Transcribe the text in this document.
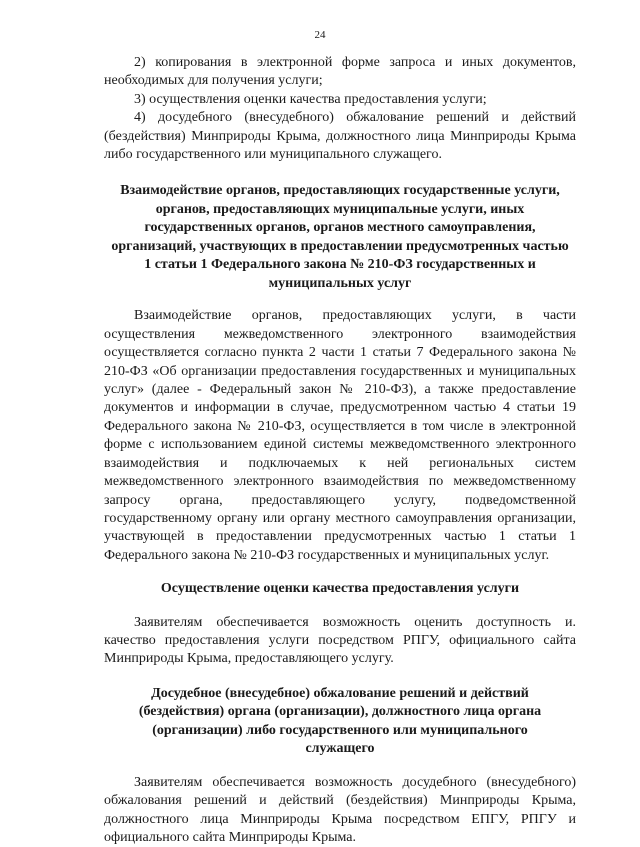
24

2) копирования в электронной форме запроса и иных документов, необходимых для получения услуги;

3) осуществления оценки качества предоставления услуги;

4) досудебного (внесудебного) обжалование решений и действий (бездействия) Минприроды Крыма, должностного лица Минприроды Крыма либо государственного или муниципального служащего.

Взаимодействие органов, предоставляющих государственные услуги, органов, предоставляющих муниципальные услуги, иных государственных органов, органов местного самоуправления, организаций, участвующих в предоставлении предусмотренных частью 1 статьи 1 Федерального закона № 210-ФЗ государственных и муниципальных услуг

Взаимодействие органов, предоставляющих услуги, в части осуществления межведомственного электронного взаимодействия осуществляется согласно пункта 2 части 1 статьи 7 Федерального закона № 210-ФЗ «Об организации предоставления государственных и муниципальных услуг» (далее - Федеральный закон № 210-ФЗ), а также предоставление документов и информации в случае, предусмотренном частью 4 статьи 19 Федерального закона № 210-ФЗ, осуществляется в том числе в электронной форме с использованием единой системы межведомственного электронного взаимодействия и подключаемых к ней региональных систем межведомственного электронного взаимодействия по межведомственному запросу органа, предоставляющего услугу, подведомственной государственному органу или органу местного самоуправления организации, участвующей в предоставлении предусмотренных частью 1 статьи 1 Федерального закона № 210-ФЗ государственных и муниципальных услуг.

Осуществление оценки качества предоставления услуги

Заявителям обеспечивается возможность оценить доступность и. качество предоставления услуги посредством РПГУ, официального сайта Минприроды Крыма, предоставляющего услугу.

Досудебное (внесудебное) обжалование решений и действий (бездействия) органа (организации), должностного лица органа (организации) либо государственного или муниципального служащего

Заявителям обеспечивается возможность досудебного (внесудебного) обжалования решений и действий (бездействия) Минприроды Крыма, должностного лица Минприроды Крыма посредством ЕПГУ, РПГУ и официального сайта Минприроды Крыма.
